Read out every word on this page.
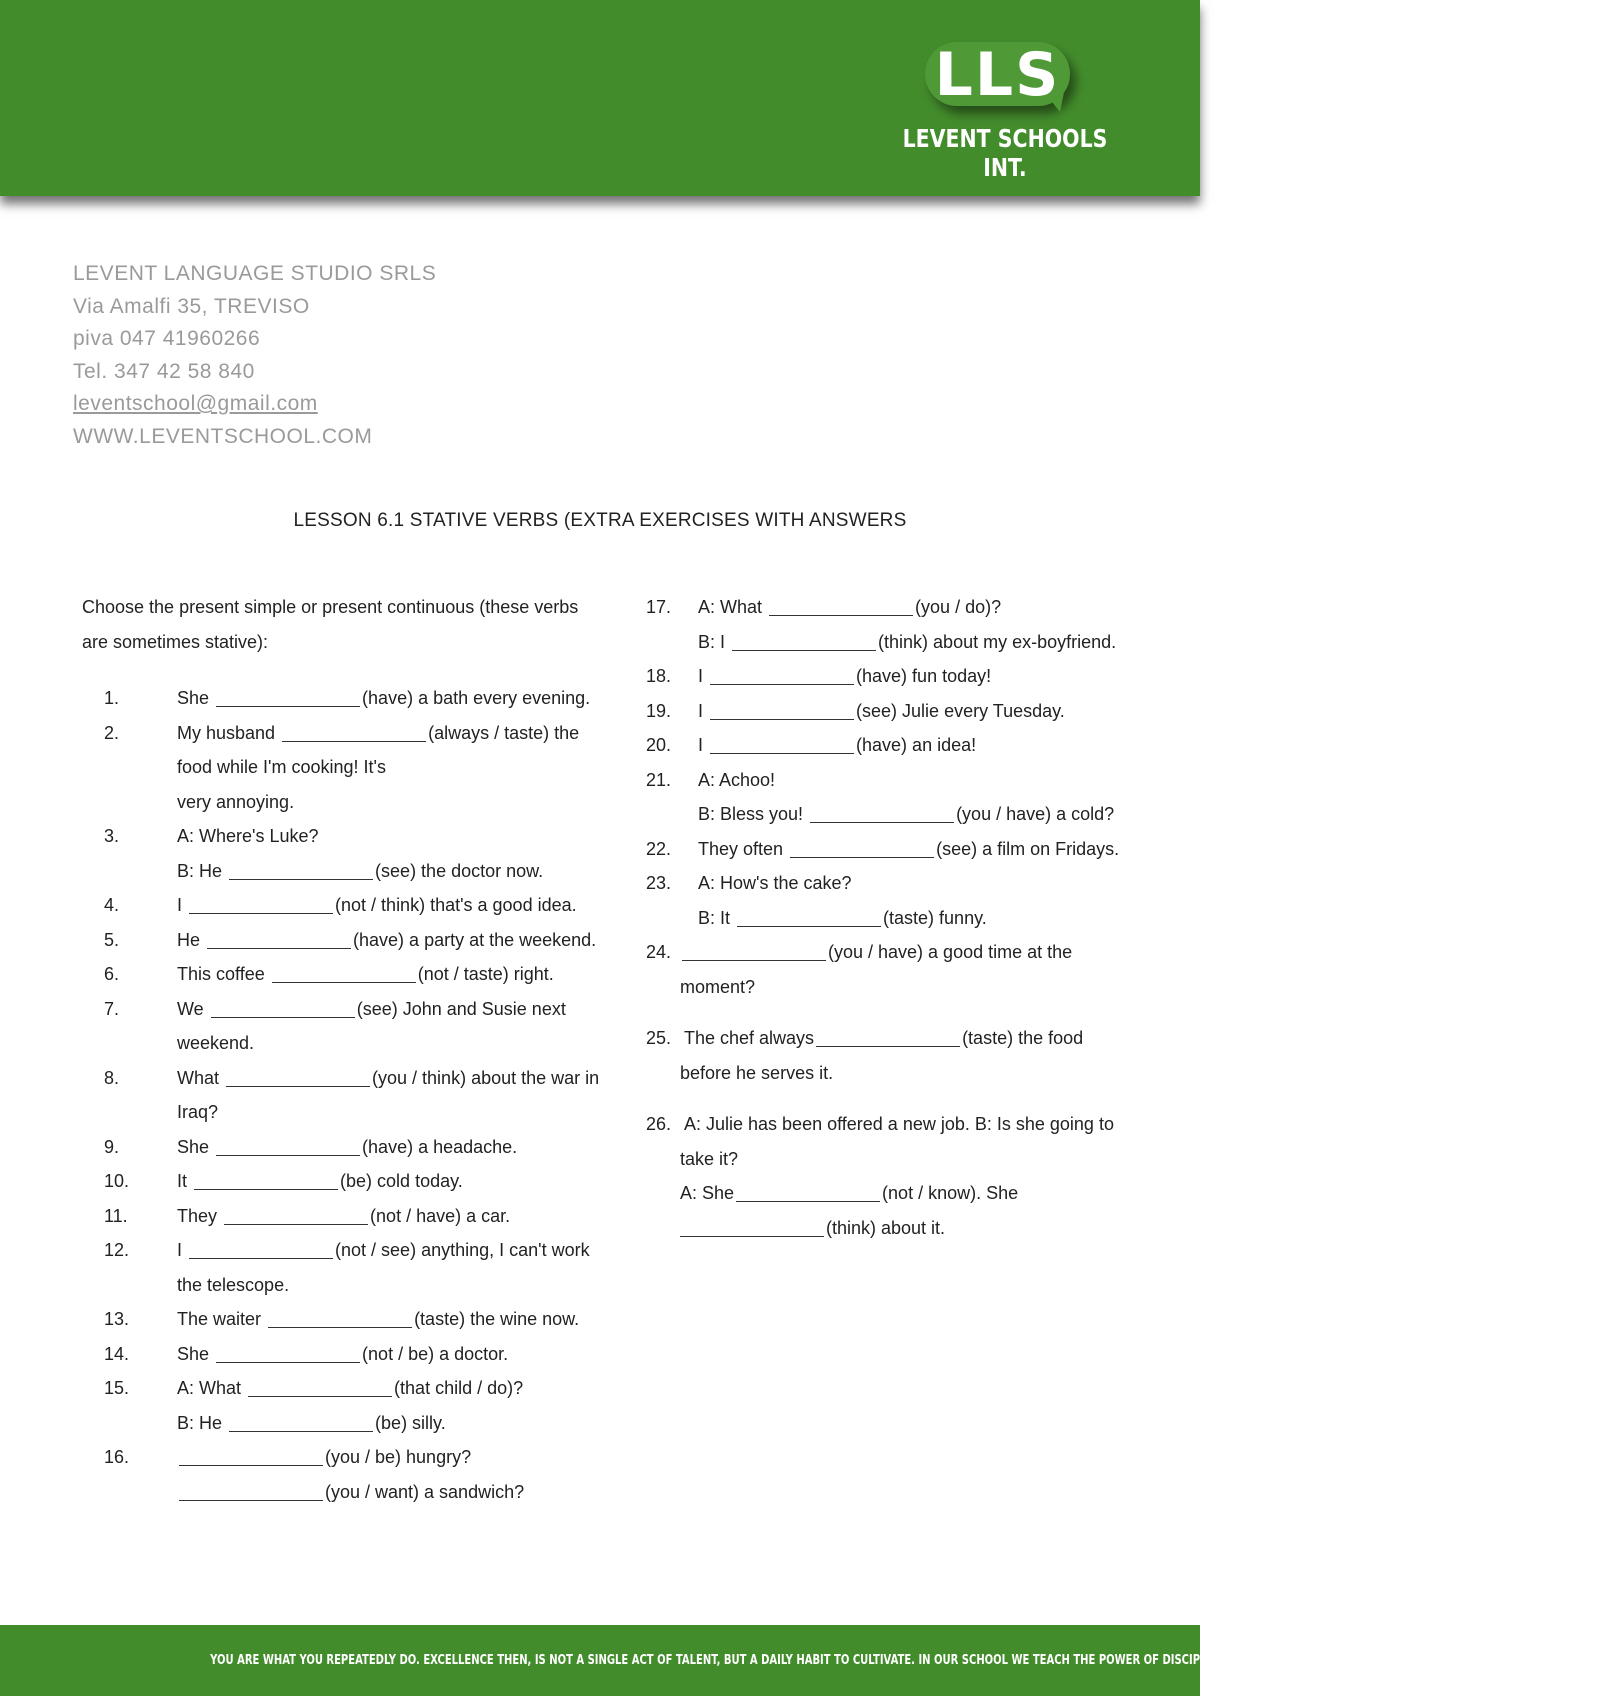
LLS
LEVENT SCHOOLS INT.
LEVENT LANGUAGE STUDIO SRLS
Via Amalfi 35, TREVISO
piva 047 41960266
Tel. 347 42 58 840
leventschool@gmail.com
WWW.LEVENTSCHOOL.COM
LESSON 6.1 STATIVE VERBS (EXTRA EXERCISES WITH ANSWERS
Choose the present simple or present continuous (these verbs
are sometimes stative):
1.	She	(have) a bath every evening.
2.	My husband	(always / taste) the
food while I'm cooking! It's
very annoying.
3.	A: Where's Luke?
B: He	(see) the doctor now.
4.	I	(not / think) that's a good idea.
5.	He	(have) a party at the weekend.
6.	This coffee	(not / taste) right.
7.	We	(see) John and Susie next
weekend.
8.	What	(you / think) about the war in
Iraq?
9.	She	(have) a headache.
10.	It	(be) cold today.
11.	They	(not / have) a car.
12.	I	(not / see) anything, I can't work
the telescope.
13.	The waiter	(taste) the wine now.
14.	She	(not / be) a doctor.
15.	A: What	(that child / do)?
B: He	(be) silly.
16.	(you / be) hungry?
(you / want) a sandwich?
17.	A: What	(you / do)?
B: I	(think) about my ex-boyfriend.
18.	I	(have) fun today!
19.	I	(see) Julie every Tuesday.
20.	I	(have) an idea!
21.	A: Achoo!
B: Bless you!	(you / have) a cold?
22.	They often	(see) a film on Fridays.
23.	A: How's the cake?
B: It	(taste) funny.
24.	(you / have) a good time at the
moment?
25. The chef always	(taste) the food
before he serves it.
26. A: Julie has been offered a new job. B: Is she going to
take it?
A: She	(not / know). She
(think) about it.
YOU ARE WHAT YOU REPEATEDLY DO. EXCELLENCE THEN, IS NOT A SINGLE ACT OF TALENT, BUT A DAILY HABIT TO CULTIVATE. IN OUR SCHOOL WE TEACH THE POWER OF DISCIPLINE AND THE BEAUTY OF EXERCISE.
